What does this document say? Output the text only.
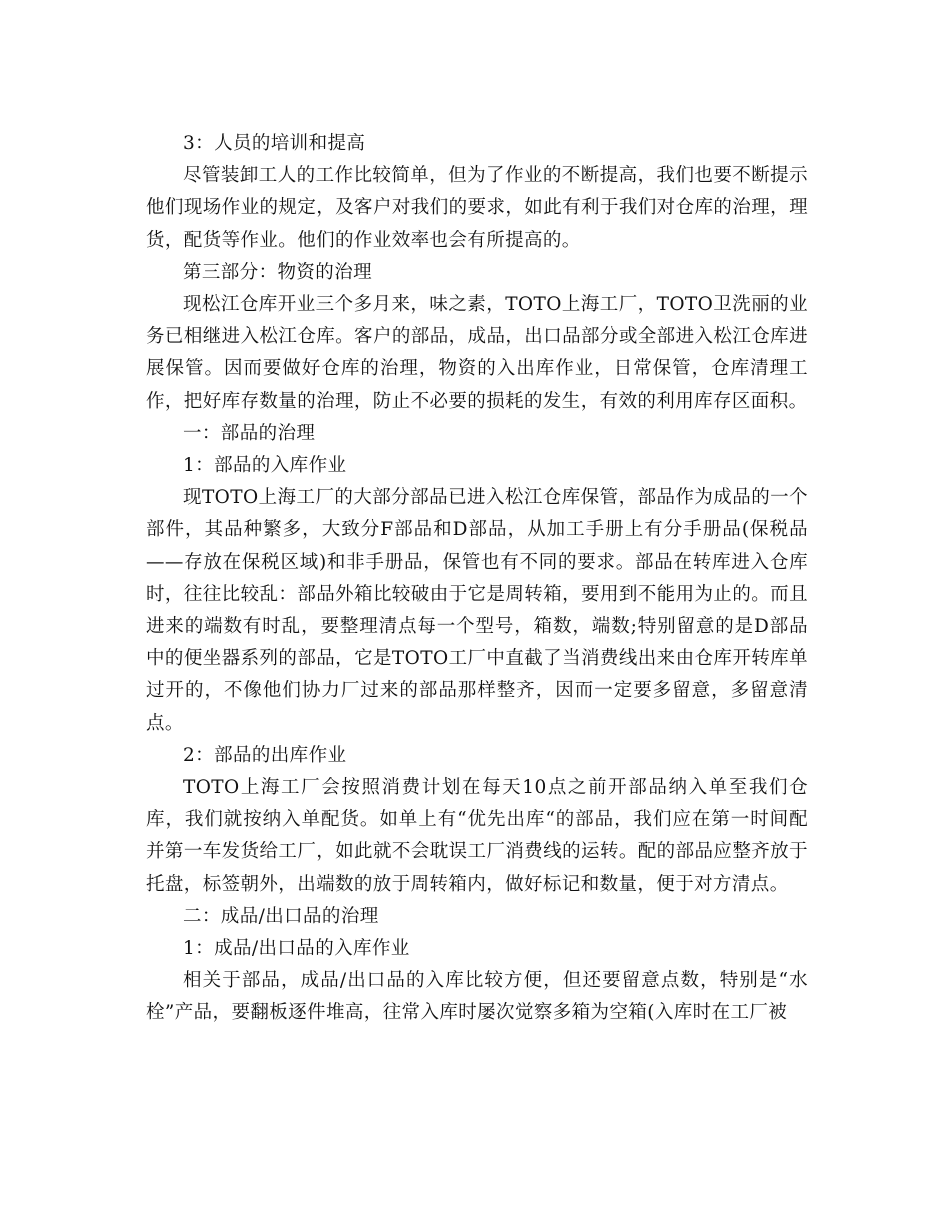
3：人员的培训和提高

尽管装卸工人的工作比较简单，但为了作业的不断提高，我们也要不断提示他们现场作业的规定，及客户对我们的要求，如此有利于我们对仓库的治理，理货，配货等作业。他们的作业效率也会有所提高的。

第三部分：物资的治理

现松江仓库开业三个多月来，味之素，TOTO上海工厂，TOTO卫洗丽的业务已相继进入松江仓库。客户的部品，成品，出口品部分或全部进入松江仓库进展保管。因而要做好仓库的治理，物资的入出库作业，日常保管，仓库清理工作，把好库存数量的治理，防止不必要的损耗的发生，有效的利用库存区面积。

一：部品的治理

1：部品的入库作业

现TOTO上海工厂的大部分部品已进入松江仓库保管，部品作为成品的一个部件，其品种繁多，大致分F部品和D部品，从加工手册上有分手册品(保税品——存放在保税区域)和非手册品，保管也有不同的要求。部品在转库进入仓库时，往往比较乱：部品外箱比较破由于它是周转箱，要用到不能用为止的。而且进来的端数有时乱，要整理清点每一个型号，箱数，端数;特别留意的是D部品中的便坐器系列的部品，它是TOTO工厂中直截了当消费线出来由仓库开转库单过开的，不像他们协力厂过来的部品那样整齐，因而一定要多留意，多留意清点。

2：部品的出库作业

TOTO上海工厂会按照消费计划在每天10点之前开部品纳入单至我们仓库，我们就按纳入单配货。如单上有“优先出库“的部品，我们应在第一时间配并第一车发货给工厂，如此就不会耽误工厂消费线的运转。配的部品应整齐放于托盘，标签朝外，出端数的放于周转箱内，做好标记和数量，便于对方清点。

二：成品/出口品的治理

1：成品/出口品的入库作业

相关于部品，成品/出口品的入库比较方便，但还要留意点数，特别是“水栓”产品，要翻板逐件堆高，往常入库时屡次觉察多箱为空箱(入库时在工厂被
